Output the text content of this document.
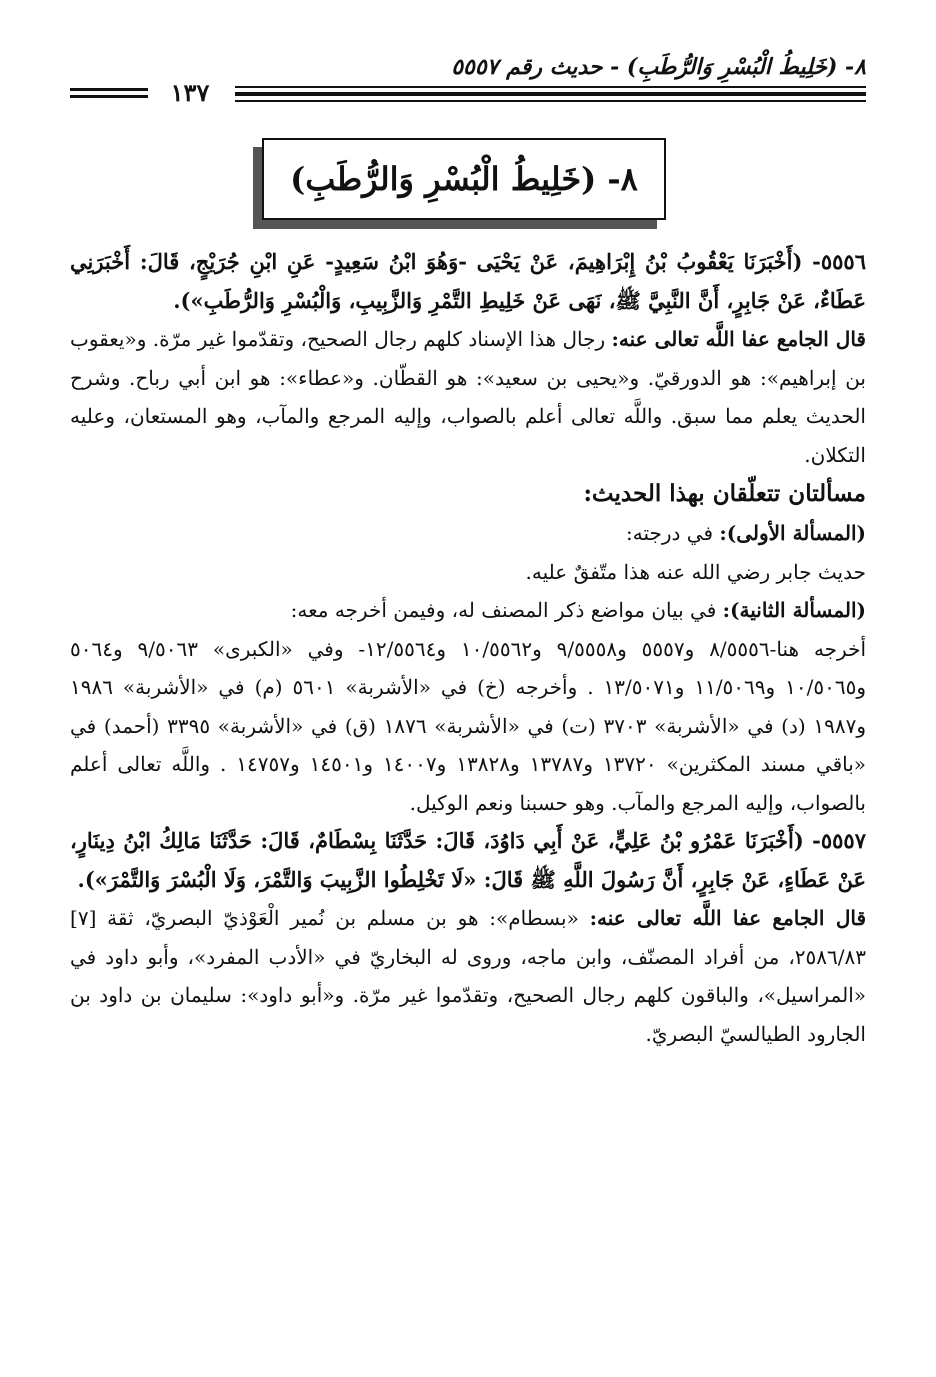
٨- (خَلِيطُ الْبُسْرِ وَالرُّطَبِ) - حديث رقم ٥٥٥٧
١٣٧
٨- (خَلِيطُ الْبُسْرِ وَالرُّطَبِ)

٥٥٥٦- (أَخْبَرَنَا يَعْقُوبُ بْنُ إِبْرَاهِيمَ، عَنْ يَحْيَى -وَهُوَ ابْنُ سَعِيدٍ- عَنِ ابْنِ جُرَيْجٍ، قَالَ: أَخْبَرَنِي عَطَاءٌ، عَنْ جَابِرٍ، أَنَّ النَّبِيَّ ﷺ، نَهَى عَنْ خَلِيطِ التَّمْرِ وَالزَّبِيبِ، وَالْبُسْرِ وَالرُّطَبِ»).

قال الجامع عفا اللَّه تعالى عنه: رجال هذا الإسناد كلهم رجال الصحيح، وتقدّموا غير مرّة. و«يعقوب بن إبراهيم»: هو الدورقيّ. و«يحيى بن سعيد»: هو القطّان. و«عطاء»: هو ابن أبي رباح. وشرح الحديث يعلم مما سبق. واللَّه تعالى أعلم بالصواب، وإليه المرجع والمآب، وهو المستعان، وعليه التكلان.

مسألتان تتعلّقان بهذا الحديث:

(المسألة الأولى): في درجته:

حديث جابر رضي الله عنه هذا متّفقٌ عليه.

(المسألة الثانية): في بيان مواضع ذكر المصنف له، وفيمن أخرجه معه:

أخرجه هنا-٨/٥٥٥٦ و٥٥٥٧ و٩/٥٥٥٨ و١٠/٥٥٦٢ و١٢/٥٥٦٤- وفي «الكبرى» ٩/٥٠٦٣ و٥٠٦٤ و١٠/٥٠٦٥ و١١/٥٠٦٩ و١٣/٥٠٧١ . وأخرجه (خ) في «الأشربة» ٥٦٠١ (م) في «الأشربة» ١٩٨٦ و١٩٨٧ (د) في «الأشربة» ٣٧٠٣ (ت) في «الأشربة» ١٨٧٦ (ق) في «الأشربة» ٣٣٩٥ (أحمد) في «باقي مسند المكثرين» ١٣٧٢٠ و١٣٧٨٧ و١٣٨٢٨ و١٤٠٠٧ و١٤٥٠١ و١٤٧٥٧ . واللَّه تعالى أعلم بالصواب، وإليه المرجع والمآب. وهو حسبنا ونعم الوكيل.

٥٥٥٧- (أَخْبَرَنَا عَمْرُو بْنُ عَلِيٍّ، عَنْ أَبِي دَاوُدَ، قَالَ: حَدَّثَنَا بِسْطَامٌ، قَالَ: حَدَّثَنَا مَالِكُ ابْنُ دِينَارٍ، عَنْ عَطَاءٍ، عَنْ جَابِرٍ، أَنَّ رَسُولَ اللَّهِ ﷺ قَالَ: «لَا تَخْلِطُوا الزَّبِيبَ وَالتَّمْرَ، وَلَا الْبُسْرَ وَالتَّمْرَ»).

قال الجامع عفا اللَّه تعالى عنه: «بسطام»: هو بن مسلم بن نُمير الْعَوْذيّ البصريّ، ثقة [٧] ٢٥٨٦/٨٣، من أفراد المصنّف، وابن ماجه، وروى له البخاريّ في «الأدب المفرد»، وأبو داود في «المراسيل»، والباقون كلهم رجال الصحيح، وتقدّموا غير مرّة. و«أبو داود»: سليمان بن داود بن الجارود الطيالسيّ البصريّ.
